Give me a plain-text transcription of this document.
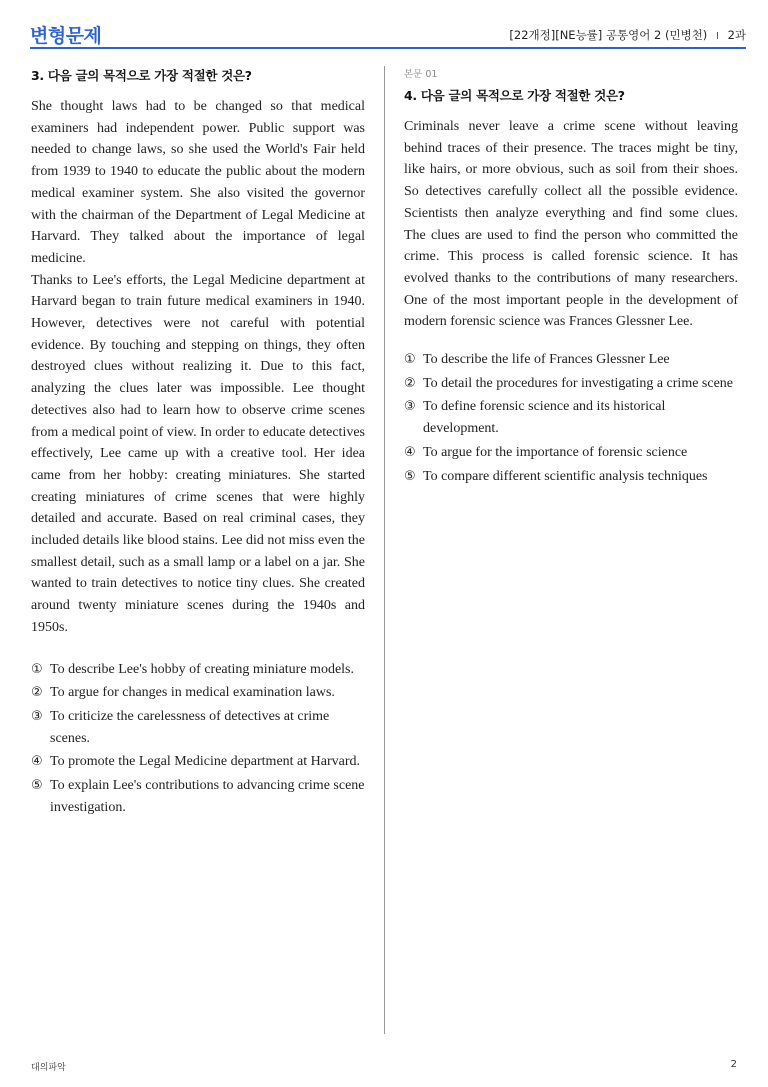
변형문제	[22개정][NE능률] 공통영어 2 (민병천) I 2과
3. 다음 글의 목적으로 가장 적절한 것은?

She thought laws had to be changed so that medical examiners had independent power. Public support was needed to change laws, so she used the World's Fair held from 1939 to 1940 to educate the public about the modern medical examiner system. She also visited the governor with the chairman of the Department of Legal Medicine at Harvard. They talked about the importance of legal medicine.

Thanks to Lee's efforts, the Legal Medicine department at Harvard began to train future medical examiners in 1940. However, detectives were not careful with potential evidence. By touching and stepping on things, they often destroyed clues without realizing it. Due to this fact, analyzing the clues later was impossible. Lee thought detectives also had to learn how to observe crime scenes from a medical point of view. In order to educate detectives effectively, Lee came up with a creative tool. Her idea came from her hobby: creating miniatures. She started creating miniatures of crime scenes that were highly detailed and accurate. Based on real criminal cases, they included details like blood stains. Lee did not miss even the smallest detail, such as a small lamp or a label on a jar. She wanted to train detectives to notice tiny clues. She created around twenty miniature scenes during the 1940s and 1950s.

① To describe Lee's hobby of creating miniature models.
② To argue for changes in medical examination laws.
③ To criticize the carelessness of detectives at crime scenes.
④ To promote the Legal Medicine department at Harvard.
⑤ To explain Lee's contributions to advancing crime scene investigation.
본문 01
4. 다음 글의 목적으로 가장 적절한 것은?

Criminals never leave a crime scene without leaving behind traces of their presence. The traces might be tiny, like hairs, or more obvious, such as soil from their shoes. So detectives carefully collect all the possible evidence. Scientists then analyze everything and find some clues. The clues are used to find the person who committed the crime. This process is called forensic science. It has evolved thanks to the contributions of many researchers. One of the most important people in the development of modern forensic science was Frances Glessner Lee.

① To describe the life of Frances Glessner Lee
② To detail the procedures for investigating a crime scene
③ To define forensic science and its historical development.
④ To argue for the importance of forensic science
⑤ To compare different scientific analysis techniques
대의파악	2
